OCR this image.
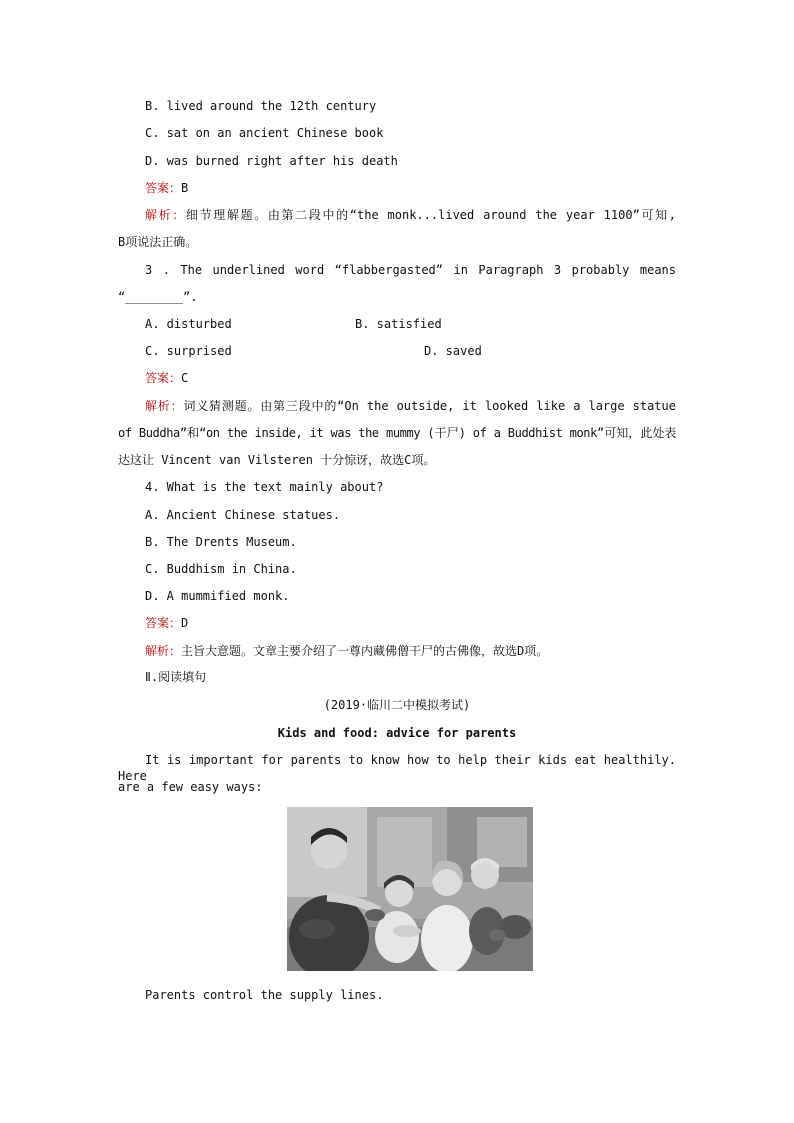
B. lived around the 12th century
C. sat on an ancient Chinese book
D. was burned right after his death
答案：B
解析：细节理解题。由第二段中的“the monk...lived around the year 1100”可知,
B项说法正确。
3 . The underlined word “flabbergasted” in Paragraph 3 probably means
“________”.
A. disturbed	B. satisfied
C. surprised	D. saved
答案：C
解析：词义猜测题。由第三段中的“On the outside, it looked like a large statue
of Buddha”和“on the inside, it was the mummy (干尸) of a Buddhist monk”可知，此处表
达这让 Vincent van Vilsteren 十分惊讶，故选C项。
4. What is the text mainly about?
A. Ancient Chinese statues.
B. The Drents Museum.
C. Buddhism in China.
D. A mummified monk.
答案：D
解析：主旨大意题。文章主要介绍了一尊内藏佛僧干尸的古佛像，故选D项。
Ⅱ.阅读填句
(2019·临川二中模拟考试)
Kids and food: advice for parents
It is important for parents to know how to help their kids eat healthily. Here
are a few easy ways:
Parents control the supply lines.
